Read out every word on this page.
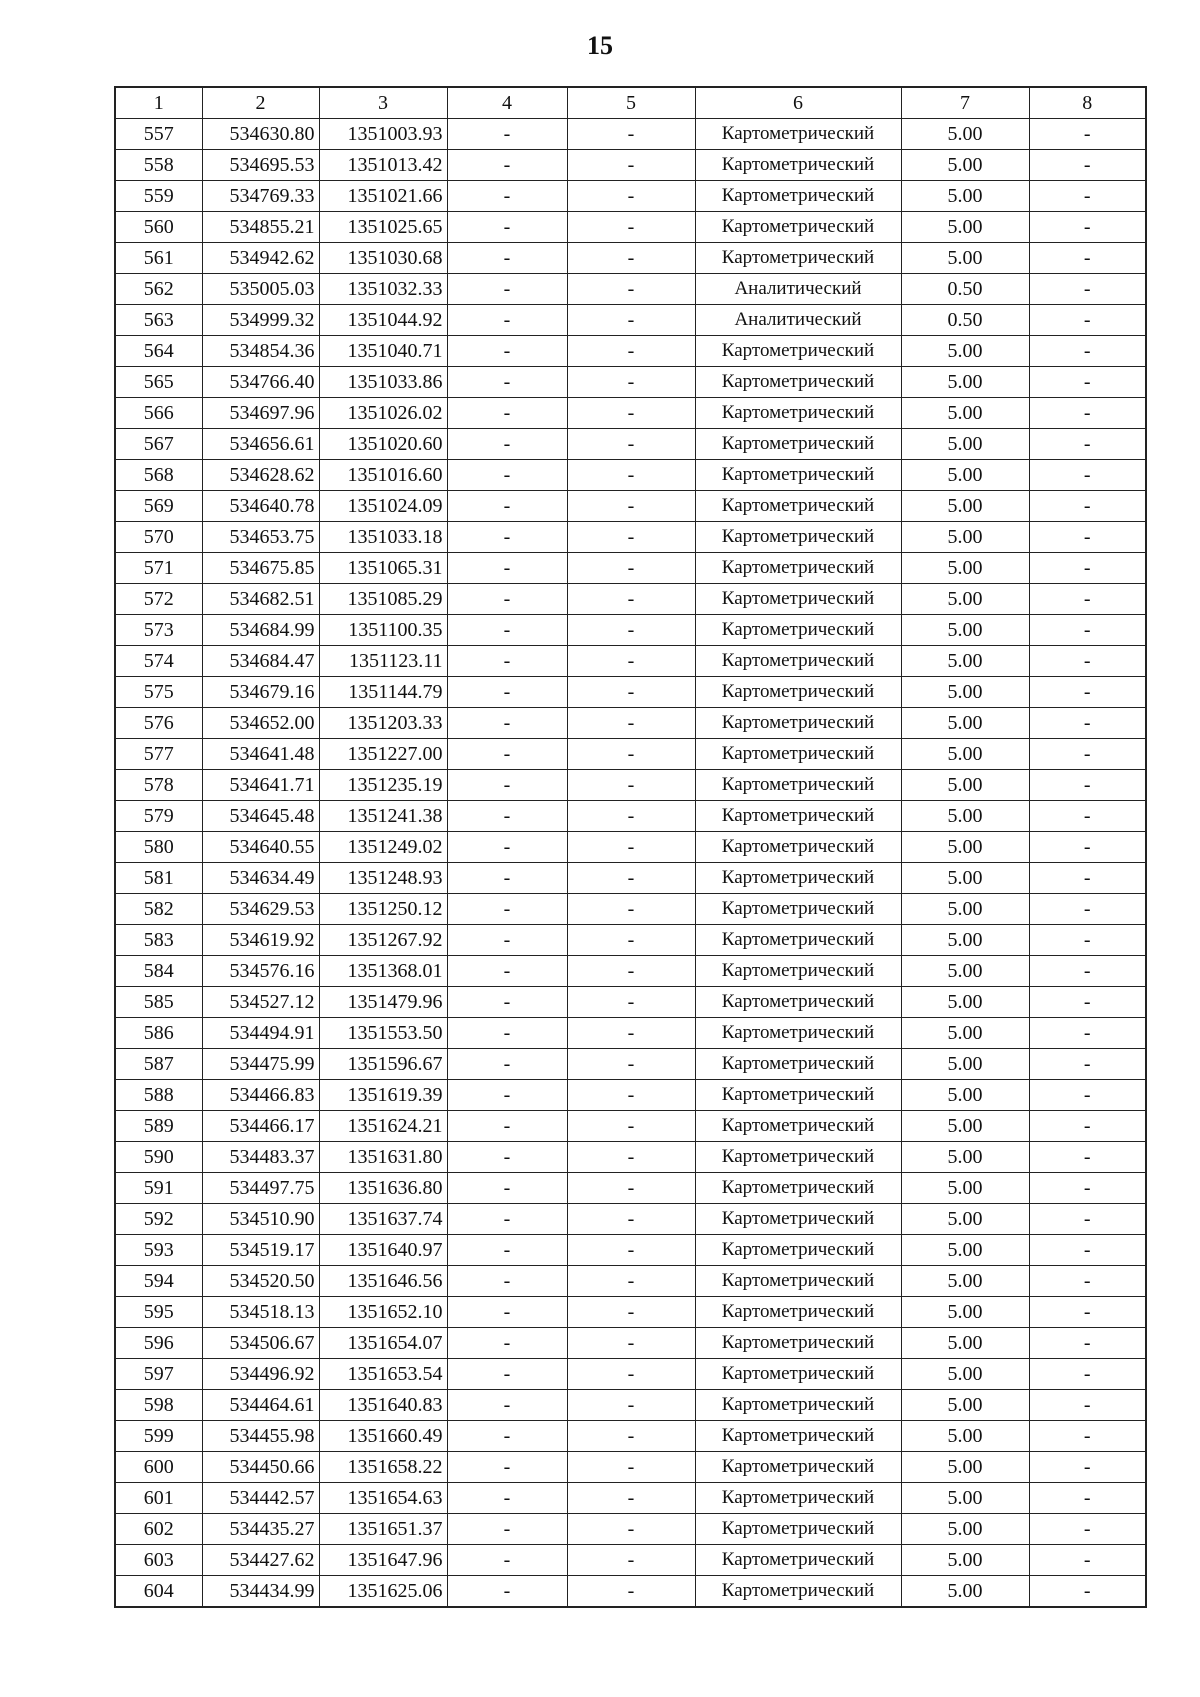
15
1	2	3	4	5	6	7	8
557	534630.80	1351003.93	-	-	Картометрический	5.00	-
558	534695.53	1351013.42	-	-	Картометрический	5.00	-
559	534769.33	1351021.66	-	-	Картометрический	5.00	-
560	534855.21	1351025.65	-	-	Картометрический	5.00	-
561	534942.62	1351030.68	-	-	Картометрический	5.00	-
562	535005.03	1351032.33	-	-	Аналитический	0.50	-
563	534999.32	1351044.92	-	-	Аналитический	0.50	-
564	534854.36	1351040.71	-	-	Картометрический	5.00	-
565	534766.40	1351033.86	-	-	Картометрический	5.00	-
566	534697.96	1351026.02	-	-	Картометрический	5.00	-
567	534656.61	1351020.60	-	-	Картометрический	5.00	-
568	534628.62	1351016.60	-	-	Картометрический	5.00	-
569	534640.78	1351024.09	-	-	Картометрический	5.00	-
570	534653.75	1351033.18	-	-	Картометрический	5.00	-
571	534675.85	1351065.31	-	-	Картометрический	5.00	-
572	534682.51	1351085.29	-	-	Картометрический	5.00	-
573	534684.99	1351100.35	-	-	Картометрический	5.00	-
574	534684.47	1351123.11	-	-	Картометрический	5.00	-
575	534679.16	1351144.79	-	-	Картометрический	5.00	-
576	534652.00	1351203.33	-	-	Картометрический	5.00	-
577	534641.48	1351227.00	-	-	Картометрический	5.00	-
578	534641.71	1351235.19	-	-	Картометрический	5.00	-
579	534645.48	1351241.38	-	-	Картометрический	5.00	-
580	534640.55	1351249.02	-	-	Картометрический	5.00	-
581	534634.49	1351248.93	-	-	Картометрический	5.00	-
582	534629.53	1351250.12	-	-	Картометрический	5.00	-
583	534619.92	1351267.92	-	-	Картометрический	5.00	-
584	534576.16	1351368.01	-	-	Картометрический	5.00	-
585	534527.12	1351479.96	-	-	Картометрический	5.00	-
586	534494.91	1351553.50	-	-	Картометрический	5.00	-
587	534475.99	1351596.67	-	-	Картометрический	5.00	-
588	534466.83	1351619.39	-	-	Картометрический	5.00	-
589	534466.17	1351624.21	-	-	Картометрический	5.00	-
590	534483.37	1351631.80	-	-	Картометрический	5.00	-
591	534497.75	1351636.80	-	-	Картометрический	5.00	-
592	534510.90	1351637.74	-	-	Картометрический	5.00	-
593	534519.17	1351640.97	-	-	Картометрический	5.00	-
594	534520.50	1351646.56	-	-	Картометрический	5.00	-
595	534518.13	1351652.10	-	-	Картометрический	5.00	-
596	534506.67	1351654.07	-	-	Картометрический	5.00	-
597	534496.92	1351653.54	-	-	Картометрический	5.00	-
598	534464.61	1351640.83	-	-	Картометрический	5.00	-
599	534455.98	1351660.49	-	-	Картометрический	5.00	-
600	534450.66	1351658.22	-	-	Картометрический	5.00	-
601	534442.57	1351654.63	-	-	Картометрический	5.00	-
602	534435.27	1351651.37	-	-	Картометрический	5.00	-
603	534427.62	1351647.96	-	-	Картометрический	5.00	-
604	534434.99	1351625.06	-	-	Картометрический	5.00	-
